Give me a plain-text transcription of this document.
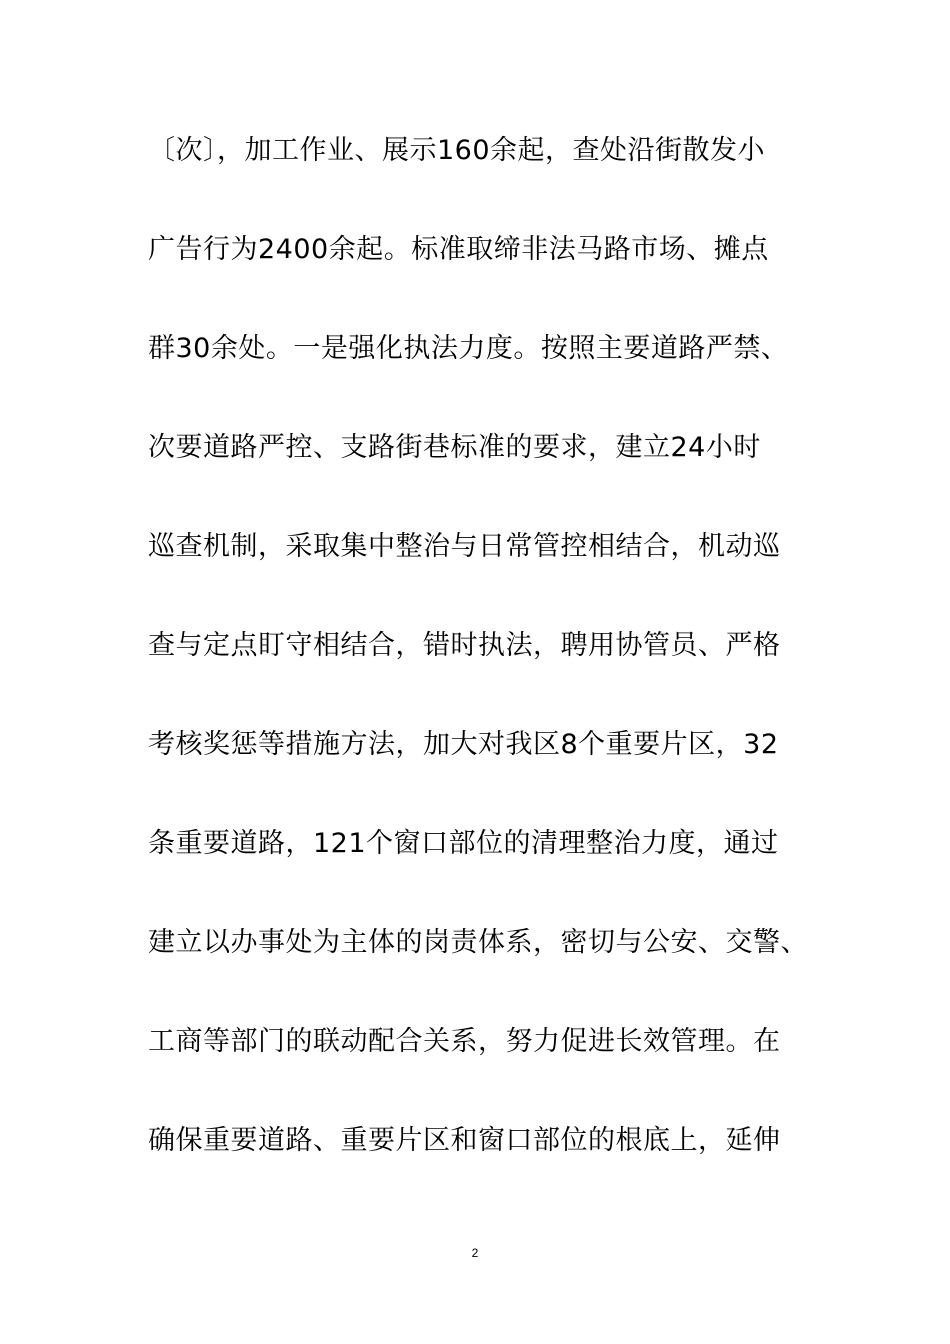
〔次〕，加工作业、展示160余起，查处沿街散发小
广告行为2400余起。标准取缔非法马路市场、摊点
群30余处。一是强化执法力度。按照主要道路严禁、
次要道路严控、支路街巷标准的要求，建立24小时
巡查机制，采取集中整治与日常管控相结合，机动巡
查与定点盯守相结合，错时执法，聘用协管员、严格
考核奖惩等措施方法，加大对我区8个重要片区，32
条重要道路，121个窗口部位的清理整治力度，通过
建立以办事处为主体的岗责体系，密切与公安、交警、
工商等部门的联动配合关系，努力促进长效管理。在
确保重要道路、重要片区和窗口部位的根底上，延伸
2
